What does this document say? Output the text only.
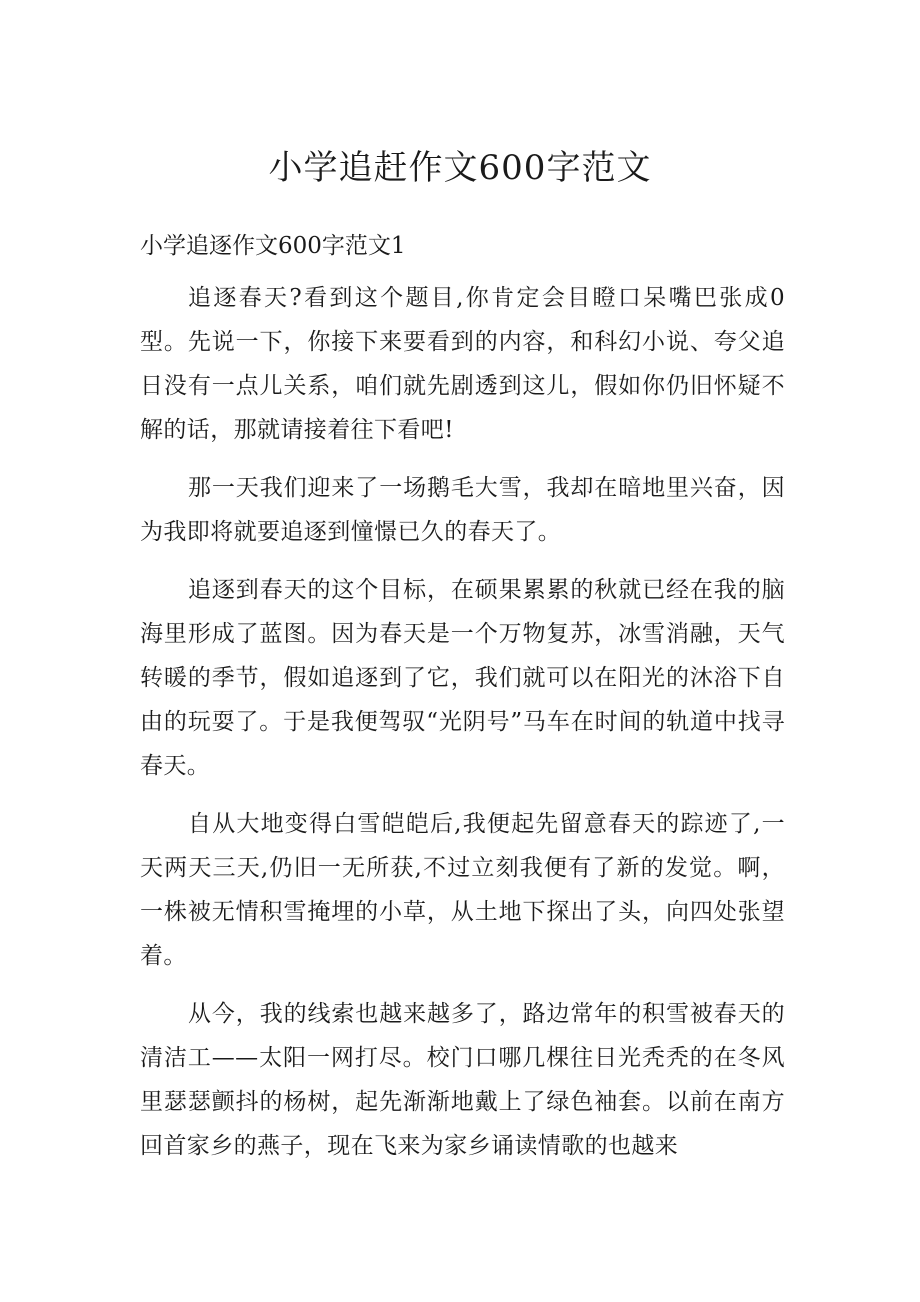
小学追赶作文600字范文
小学追逐作文600字范文1

追逐春天?看到这个题目,你肯定会目瞪口呆嘴巴张成0型。先说一下，你接下来要看到的内容，和科幻小说、夸父追日没有一点儿关系，咱们就先剧透到这儿，假如你仍旧怀疑不解的话，那就请接着往下看吧!

那一天我们迎来了一场鹅毛大雪，我却在暗地里兴奋，因为我即将就要追逐到憧憬已久的春天了。

追逐到春天的这个目标，在硕果累累的秋就已经在我的脑海里形成了蓝图。因为春天是一个万物复苏，冰雪消融，天气转暖的季节，假如追逐到了它，我们就可以在阳光的沐浴下自由的玩耍了。于是我便驾驭“光阴号”马车在时间的轨道中找寻春天。

自从大地变得白雪皑皑后,我便起先留意春天的踪迹了,一天两天三天,仍旧一无所获,不过立刻我便有了新的发觉。啊，一株被无情积雪掩埋的小草，从土地下探出了头，向四处张望着。

从今，我的线索也越来越多了，路边常年的积雪被春天的清洁工——太阳一网打尽。校门口哪几棵往日光秃秃的在冬风里瑟瑟颤抖的杨树，起先渐渐地戴上了绿色袖套。以前在南方回首家乡的燕子，现在飞来为家乡诵读情歌的也越来
